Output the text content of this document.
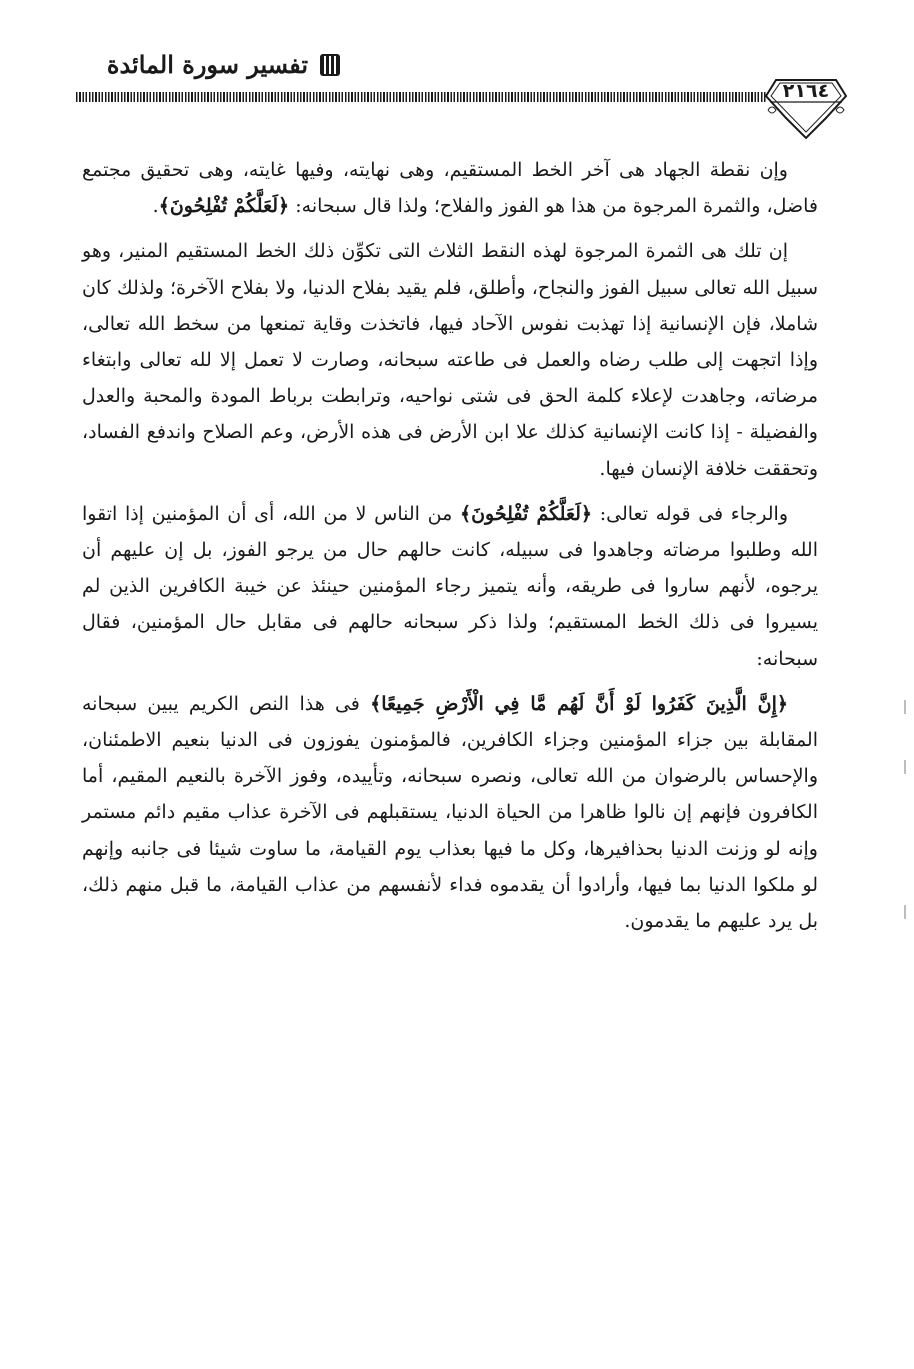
تفسير سورة المائدة
٢١٦٤

وإن نقطة الجهاد هى آخر الخط المستقيم، وهى نهايته، وفيها غايته، وهى تحقيق مجتمع فاضل، والثمرة المرجوة من هذا هو الفوز والفلاح؛ ولذا قال سبحانه: ﴿لَعَلَّكُمْ تُفْلِحُونَ﴾.

إن تلك هى الثمرة المرجوة لهذه النقط الثلاث التى تكوِّن ذلك الخط المستقيم المنير، وهو سبيل الله تعالى سبيل الفوز والنجاح، وأطلق، فلم يقيد بفلاح الدنيا، ولا بفلاح الآخرة؛ ولذلك كان شاملا، فإن الإنسانية إذا تهذبت نفوس الآحاد فيها، فاتخذت وقاية تمنعها من سخط الله تعالى، وإذا اتجهت إلى طلب رضاه والعمل فى طاعته سبحانه، وصارت لا تعمل إلا لله تعالى وابتغاء مرضاته، وجاهدت لإعلاء كلمة الحق فى شتى نواحيه، وترابطت برباط المودة والمحبة والعدل والفضيلة - إذا كانت الإنسانية كذلك علا ابن الأرض فى هذه الأرض، وعم الصلاح واندفع الفساد، وتحققت خلافة الإنسان فيها.

والرجاء فى قوله تعالى: ﴿لَعَلَّكُمْ تُفْلِحُونَ﴾ من الناس لا من الله، أى أن المؤمنين إذا اتقوا الله وطلبوا مرضاته وجاهدوا فى سبيله، كانت حالهم حال من يرجو الفوز، بل إن عليهم أن يرجوه، لأنهم ساروا فى طريقه، وأنه يتميز رجاء المؤمنين حينئذ عن خيبة الكافرين الذين لم يسيروا فى ذلك الخط المستقيم؛ ولذا ذكر سبحانه حالهم فى مقابل حال المؤمنين، فقال سبحانه:

﴿إِنَّ الَّذِينَ كَفَرُوا لَوْ أَنَّ لَهُم مَّا فِي الْأَرْضِ جَمِيعًا﴾ فى هذا النص الكريم يبين سبحانه المقابلة بين جزاء المؤمنين وجزاء الكافرين، فالمؤمنون يفوزون فى الدنيا بنعيم الاطمئنان، والإحساس بالرضوان من الله تعالى، ونصره سبحانه، وتأييده، وفوز الآخرة بالنعيم المقيم، أما الكافرون فإنهم إن نالوا ظاهرا من الحياة الدنيا، يستقبلهم فى الآخرة عذاب مقيم دائم مستمر وإنه لو وزنت الدنيا بحذافيرها، وكل ما فيها بعذاب يوم القيامة، ما ساوت شيئا فى جانبه وإنهم لو ملكوا الدنيا بما فيها، وأرادوا أن يقدموه فداء لأنفسهم من عذاب القيامة، ما قبل منهم ذلك، بل يرد عليهم ما يقدمون.
